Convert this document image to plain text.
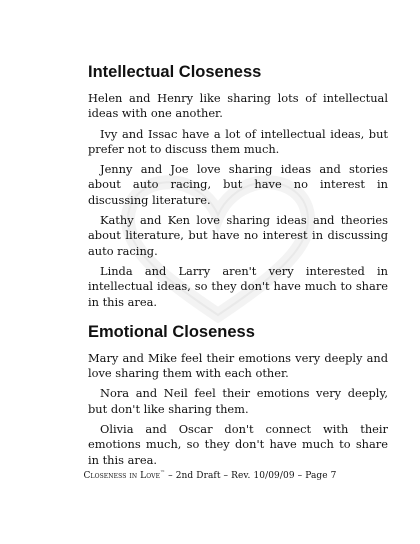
Intellectual Closeness

Helen and Henry like sharing lots of intellectual ideas with one another.

Ivy and Issac have a lot of intellectual ideas, but prefer not to discuss them much.

Jenny and Joe love sharing ideas and stories about auto racing, but have no interest in discussing literature.

Kathy and Ken love sharing ideas and theories about literature, but have no interest in discussing auto racing.

Linda and Larry aren't very interested in intellectual ideas, so they don't have much to share in this area.

Emotional Closeness

Mary and Mike feel their emotions very deeply and love sharing them with each other.

Nora and Neil feel their emotions very deeply, but don't like sharing them.

Olivia and Oscar don't connect with their emotions much, so they don't have much to share in this area.

Closeness in Love™ – 2nd Draft – Rev. 10/09/09 – Page 7
